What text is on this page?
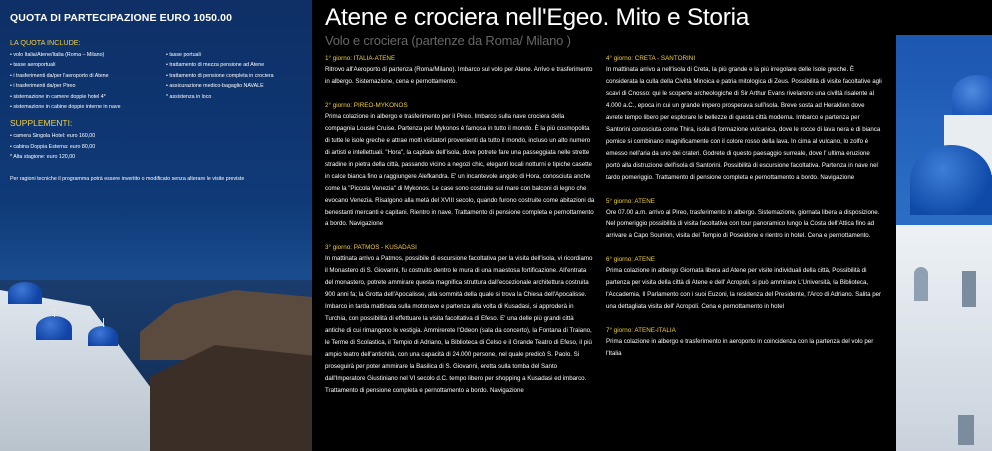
QUOTA DI PARTECIPAZIONE EURO 1050.00
LA QUOTA INCLUDE:
• volo Italia/Atene/Italia (Roma – Milano)
• tasse aeroportuali
• i trasferimenti da/per l'aeroporto di Atene
• i trasferimenti da/per Pireo
• sistemazione in camere doppie hotel 4*
• sistemazione in cabine doppie interne in nave
• tasse portuali
• trattamento di mezza pensione ad Atene
• trattamento di pensione completa in crociera
• assicurazione medico-bagaglio NAVALE
* assistenza in loco
SUPPLEMENTI:
• camera Singola Hotel: euro 160,00
• cabina Doppia Esterna: euro 80,00
* Alta stagione: euro 120,00
Per ragioni tecniche il programma potrà essere invertito o modificato senza alterare le visite previste
Atene e crociera nell'Egeo. Mito e Storia
Volo e crociera (partenze da Roma/ Milano )
1° giorno: ITALIA-ATENE
Ritrovo all'Aeroporto di partenza (Roma/Milano). Imbarco sul volo per Atene. Arrivo e trasferimento in albergo. Sistemazione, cena e pernottamento.
2° giorno: PIREO-MYKONOS
Prima colazione in albergo e trasferimento per il Pireo. Imbarco sulla nave crociera della compagnia Lousie Cruise. Partenza per Mykonos è famosa in tutto il mondo. È la più cosmopolita di tutte le isole greche e attrae molti visitatori provenienti da tutto il mondo, incluso un alto numero di artisti e intellettuali. "Hora", la capitale dell'isola, dove potrete fare una passeggiata nelle strette stradine in pietra della città, passando vicino a negozi chic, eleganti locali notturni e tipiche casette in calce bianca fino a raggiungere Alefkandra. E' un incantevole angolo di Hora, conosciuta anche come la "Piccola Venezia" di Mykonos. Le case sono costruite sul mare con balconi di legno che evocano Venezia. Risalgono alla metà del XVIII secolo, quando furono costruite come abitazioni da benestanti mercanti e capitani. Rientro in nave. Trattamento di pensione completa e pernottamento a bordo. Navigazione
3° giorno: PATMOS - KUSADASI
In mattinata arrivo a Patmos, possibile di escursione facoltativa per la visita dell'isola, vi ricordiamo il Monastero di S. Giovanni, fu costruito dentro le mura di una maestosa fortificazione. All'entrata del monastero, potrete ammirare questa magnifica struttura dall'eccezionale architettura costruita 900 anni fa; la Grotta dell'Apocalisse, alla sommità della quale si trova la Chiesa dell'Apocalisse. Imbarco in tarda mattinata sulla motonave e partenza alla volta di Kusadasi, si approderà in Turchia, con possibilità di effettuare la visita facoltativa di Efeso. E' una delle più grandi città antiche di cui rimangono le vestigia. Ammirerete l'Odeon (sala da concerto), la Fontana di Traiano, le Terme di Scolastica, il Tempio di Adriano, la Biblioteca di Celso e il Grande Teatro di Efeso, il più ampio teatro dell'antichità, con una capacità di 24.000 persone, nel quale predicò S. Paolo. Si proseguirà per poter ammirare la Basilica di S. Giovanni, eretta sulla tomba del Santo dall'Imperatore Giustiniano nel VI secolo d.C. tempo libero per shopping a Kusadasi ed imbarco. Trattamento di pensione completa e pernottamento a bordo. Navigazione
4° giorno: CRETA - SANTORINI
In mattinata arrivo a nell'isola di Creta, la più grande e la più irregolare delle Isole greche. È considerata la culla della Civiltà Minoica e patria mitologica di Zeus. Possibilità di visite facoltative agli scavi di Cnosso: qui le scoperte archeologiche di Sir Arthur Evans rivelarono una civiltà risalente al 4.000 a.C., epoca in cui un grande impero prosperava sull'isola. Breve sosta ad Heraklion dove avrete tempo libero per esplorare le bellezze di questa città moderna. Imbarco e partenza per Santorini conosciuta come Thira, isola di formazione vulcanica, dove le rocce di lava nera e di bianca pomice si combinano magnificamente con il colore rosso della lava. In cima al vulcano, lo zolfo è emesso nell'aria da uno dei crateri. Godrete di questo paesaggio surreale, dove l' ultima eruzione portò alla distruzione dell'isola di Santorini. Possibilità di escursione facoltativa. Partenza in nave nel tardo pomeriggio. Trattamento di pensione completa e pernottamento a bordo. Navigazione
5° giorno: ATENE
Ore 07.00 a.m. arrivo al Pireo, trasferimento in albergo. Sistemazione, giornata libera a disposizione. Nel pomeriggio possibilità di visita facoltativa con tour panoramico lungo la Costa dell'Attica fino ad arrivare a Capo Sounion, visita del Tempio di Poseidone e rientro in hotel. Cena e pernottamento.
6° giorno: ATENE
Prima colazione in albergo Giornata libera ad Atene per visite individuali della città, Possibilità di partenza per visita della città di Atene e dell' Acropoli, si può ammirare L'Università, la Biblioteca, l'Accademia, Il Parlamento con i suoi Euzoni, la residenza del Presidente, l'Arco di Adriano. Salita per una dettagliata visita dell' Acropoli. Cena e pernottamento in hotel
7° giorno: ATENE-ITALIA
Prima colazione in albergo e trasferimento in aeroporto in coincidenza con la partenza del volo per l'Italia
